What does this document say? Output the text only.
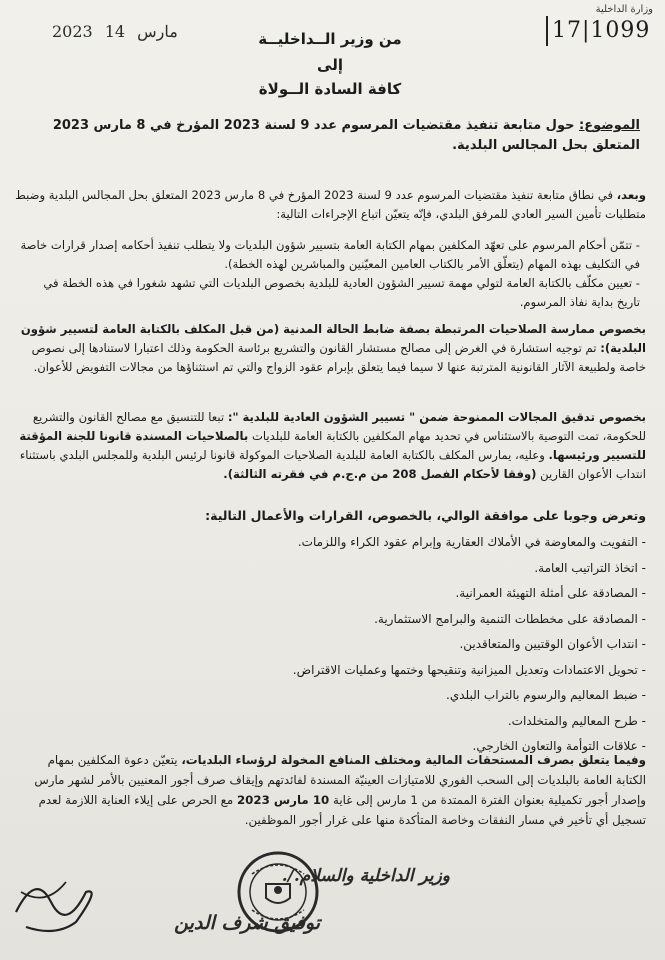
وزارة الداخلية
17|1099
2023 14 مارس	من وزير الــداخليــة
إلى
كافة السادة الــولاة
الموضوع: حول متابعة تنفيذ مقتضيات المرسوم عدد 9 لسنة 2023 المؤرخ في 8 مارس 2023 المتعلق بحل المجالس البلدية.
وبعد، في نطاق متابعة تنفيذ مقتضيات المرسوم عدد 9 لسنة 2023 المؤرخ في 8 مارس 2023 المتعلق بحل المجالس البلدية وضبط متطلبات تأمين السير العادي للمرفق البلدي، فإنّه يتعيّن اتباع الإجراءات التالية:
- تتمّن أحكام المرسوم على تعهّد المكلفين بمهام الكتابة العامة بتسيير شؤون البلديات ولا يتطلب تنفيذ أحكامه إصدار قرارات خاصة في التكليف بهذه المهام (يتعلّق الأمر بالكتاب العامين المعيّنين والمباشرين لهذه الخطة).
- تعيين مكلّف بالكتابة العامة لتولي مهمة تسيير الشؤون العادية للبلدية بخصوص البلديات التي تشهد شغورا في هذه الخطة في تاريخ بداية نفاذ المرسوم.
بخصوص ممارسة الصلاحيات المرتبطة بصفة ضابط الحالة المدنية (من قبل المكلف بالكتابة العامة لتسيير شؤون البلدية): تم توجيه استشارة في الغرض إلى مصالح مستشار القانون والتشريع برئاسة الحكومة وذلك اعتبارا لاستنادها إلى نصوص خاصة ولطبيعة الآثار القانونية المترتبة عنها لا سيما فيما يتعلق بإبرام عقود الزواج والتي تم استثناؤها من مجالات التفويض للأعوان.
بخصوص تدقيق المجالات الممنوحة ضمن " تسيير الشؤون العادية للبلدية ": تبعا للتنسيق مع مصالح القانون والتشريع للحكومة، تمت التوصية بالاستئناس في تحديد مهام المكلفين بالكتابة العامة للبلديات بالصلاحيات المسندة قانونا للجنة المؤقتة للتسيير ورئيسها. وعليه، يمارس المكلف بالكتابة العامة للبلدية الصلاحيات الموكولة قانونا لرئيس البلدية وللمجلس البلدي باستثناء انتداب الأعوان القارين (وفقا لأحكام الفصل 208 من م.ج.م في فقرته الثالثة).
وتعرض وجوبا على موافقة الوالي، بالخصوص، القرارات والأعمال التالية:
- التفويت والمعاوضة في الأملاك العقارية وإبرام عقود الكراء واللزمات.
- اتخاذ التراتيب العامة.
- المصادقة على أمثلة التهيئة العمرانية.
- المصادقة على مخططات التنمية والبرامج الاستثمارية.
- انتداب الأعوان الوقتيين والمتعاقدين.
- تحويل الاعتمادات وتعديل الميزانية وتنقيحها وختمها وعمليات الاقتراض.
- ضبط المعاليم والرسوم بالتراب البلدي.
- طرح المعاليم والمتخلدات.
- علاقات التوأمة والتعاون الخارجي.
وفيما يتعلق بصرف المستحقات المالية ومختلف المنافع المخولة لرؤساء البلديات، يتعيّن دعوة المكلفين بمهام الكتابة العامة بالبلديات إلى السحب الفوري للامتيازات العينيّة المسندة لفائدتهم وإيقاف صرف أجور المعنيين بالأمر لشهر مارس وإصدار أجور تكميلية بعنوان الفترة الممتدة من 1 مارس إلى غاية 10 مارس 2023 مع الحرص على إيلاء العناية اللازمة لعدم تسجيل أي تأخير في مسار النفقات وخاصة المتأكدة منها على غرار أجور الموظفين.
وزير الداخلية والسلام./.
توفيق شرف الدين
